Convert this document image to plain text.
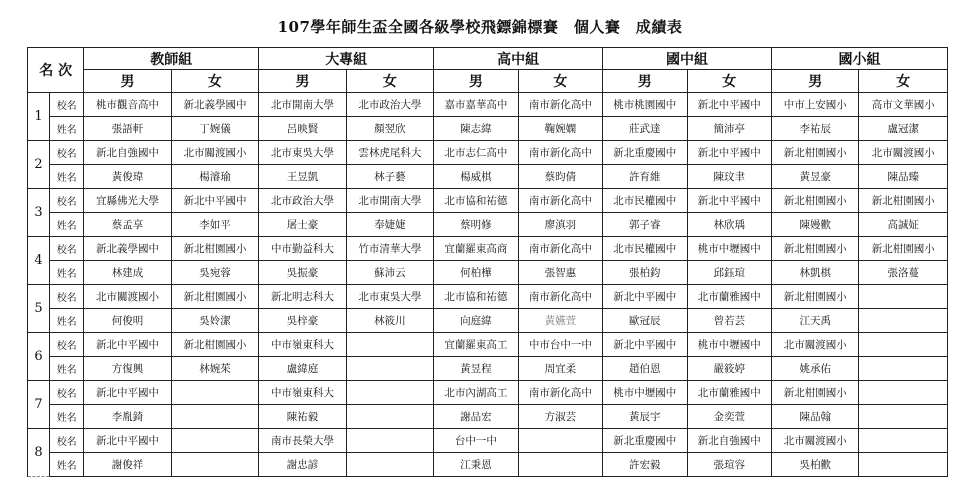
107學年師生盃全國各級學校飛鏢錦標賽　個人賽　成績表
名 次		教師組		大專組		高中組		國中組		國小組	
		男	女	男	女	男	女	男	女	男	女
1	校名	桃市觀音高中	新北義學國中	北市開南大學	北市政治大學	嘉市嘉華高中	南市新化高中	桃市桃園國中	新北中平國中	中市上安國小	高市文華國小
	姓名	張語軒	丁婉儀	呂映賢	顏翌欣	陳志緯	鞠婉嫻	莊武達	簡沛亭	李祐辰	盧冠潔
2	校名	新北自強國中	北市關渡國小	北市東吳大學	雲林虎尾科大	北市志仁高中	南市新化高中	新北重慶國中	新北中平國中	新北柑園國小	北市關渡國小
	姓名	黃俊瑋	楊濬瑜	王昱凱	林子藝	楊威棋	蔡昀倩	許育維	陳玟聿	黃昱豪	陳品臻
3	校名	宜縣佛光大學	新北中平國中	北市政治大學	北市開南大學	北市協和祐德	南市新化高中	北市民權國中	新北中平國中	新北柑園國小	新北柑園國小
	姓名	蔡孟享	李如平	屠士豪	奉婕婕	蔡明修	廖滇羽	郭子睿	林欣瑀	陳嫚歡	高誠姃
4	校名	新北義學國中	新北柑園國小	中市勤益科大	竹市清華大學	宜蘭羅東高商	南市新化高中	北市民權國中	桃市中壢國中	新北柑園國小	新北柑園國小
	姓名	林建成	吳宛蓉	吳振豪	蘇沛云	何柏樺	張智惠	張柏鈞	邱鈺瑄	林凱棋	張洛蔓
5	校名	北市關渡國小	新北柑園國小	新北明志科大	北市東吳大學	北市協和祐德	南市新化高中	新北中平國中	北市蘭雅國中	新北柑園國小	
	姓名	何俊明	吳姈潔	吳梓豪	林筱川	向庭緯	黃嬿萱	歐冠辰	曾若芸	江天禹	
6	校名	新北中平國中	新北柑園國小	中市嶺東科大		宜蘭羅東高工	中市台中一中	新北中平國中	桃市中壢國中	北市關渡國小	
	姓名	方復興	林婉茱	盧緯庭		黃昱程	周宜柔	趙伯恩	嚴筱婷	姚承佑	
7	校名	新北中平國中		中市嶺東科大		北市內湖高工	南市新化高中	桃市中壢國中	北市蘭雅國中	新北柑園國小	
	姓名	李胤錡		陳祐毅		謝品宏	方淑芸	黃辰宇	金奕萱	陳品翰	
8	校名	新北中平國中		南市長榮大學		台中一中		新北重慶國中	新北自強國中	北市關渡國小	
	姓名	謝俊祥		謝忠諺		江秉恩		許宏毅	張瑄容	吳柏歡	
